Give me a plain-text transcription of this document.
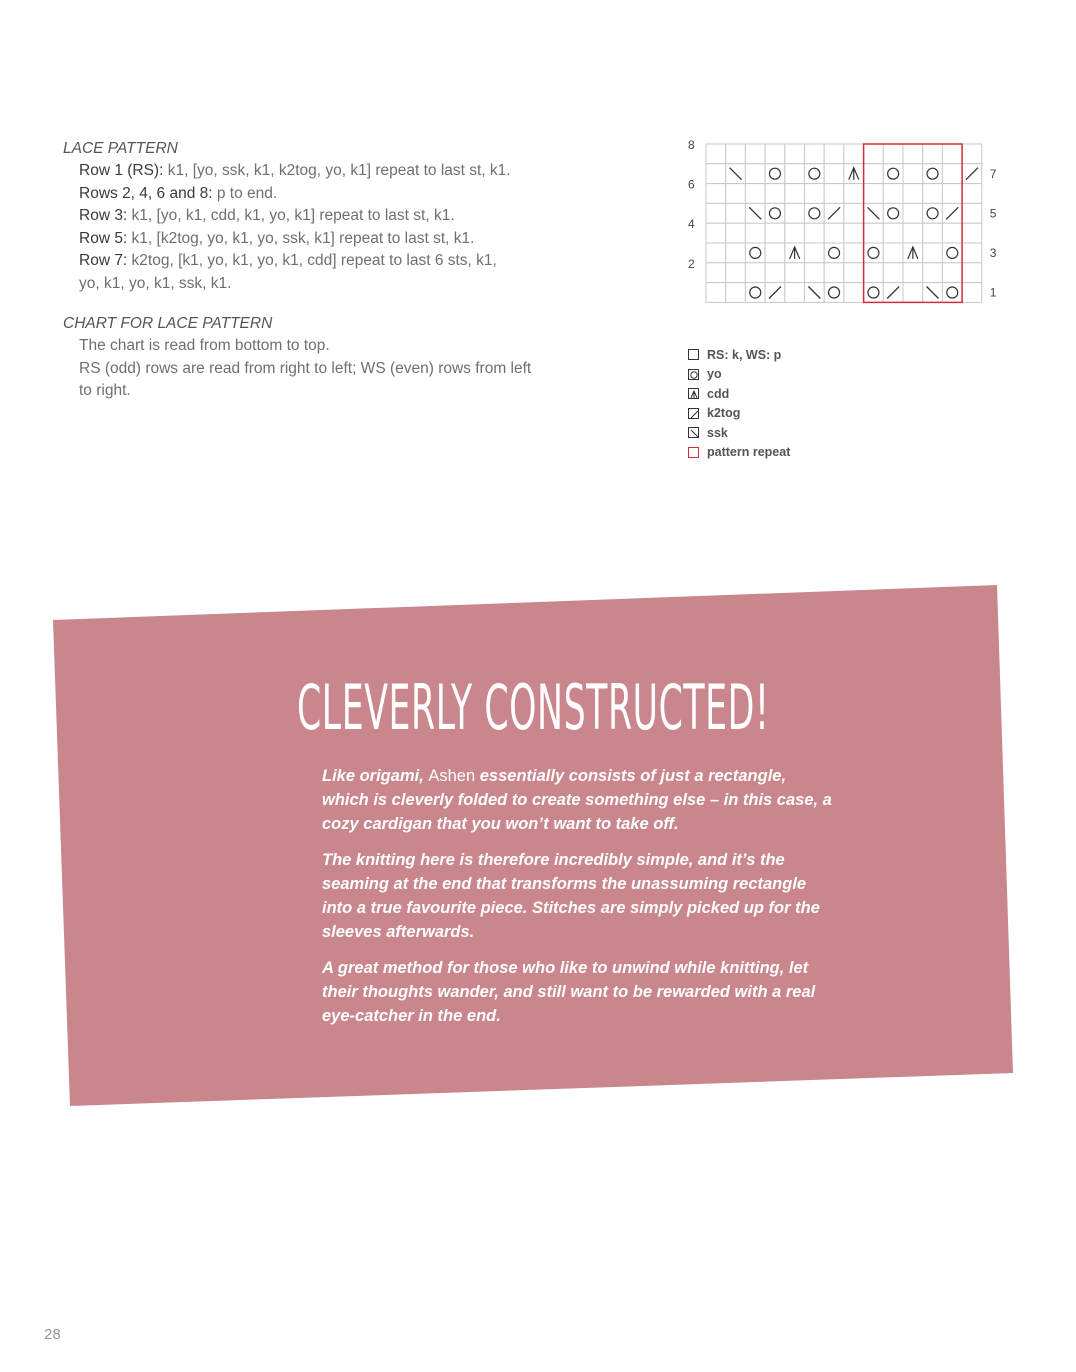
LACE PATTERN

Row 1 (RS): k1, [yo, ssk, k1, k2tog, yo, k1] repeat to last st, k1.
Rows 2, 4, 6 and 8: p to end.
Row 3: k1, [yo, k1, cdd, k1, yo, k1] repeat to last st, k1.
Row 5: k1, [k2tog, yo, k1, yo, ssk, k1] repeat to last st, k1.
Row 7: k2tog, [k1, yo, k1, yo, k1, cdd] repeat to last 6 sts, k1, yo, k1, yo, k1, ssk, k1.

CHART FOR LACE PATTERN

The chart is read from bottom to top.
RS (odd) rows are read from right to left; WS (even) rows from left to right.
8
6
4
2
7
5
3
1
RS: k, WS: p
yo
cdd
k2tog
ssk
pattern repeat
CLEVERLY CONSTRUCTED!

Like origami, Ashen essentially consists of just a rectangle, which is cleverly folded to create something else – in this case, a cozy cardigan that you won’t want to take off.

The knitting here is therefore incredibly simple, and it’s the seaming at the end that transforms the unassuming rectangle into a true favourite piece. Stitches are simply picked up for the sleeves afterwards.

A great method for those who like to unwind while knitting, let their thoughts wander, and still want to be rewarded with a real eye-catcher in the end.

28
